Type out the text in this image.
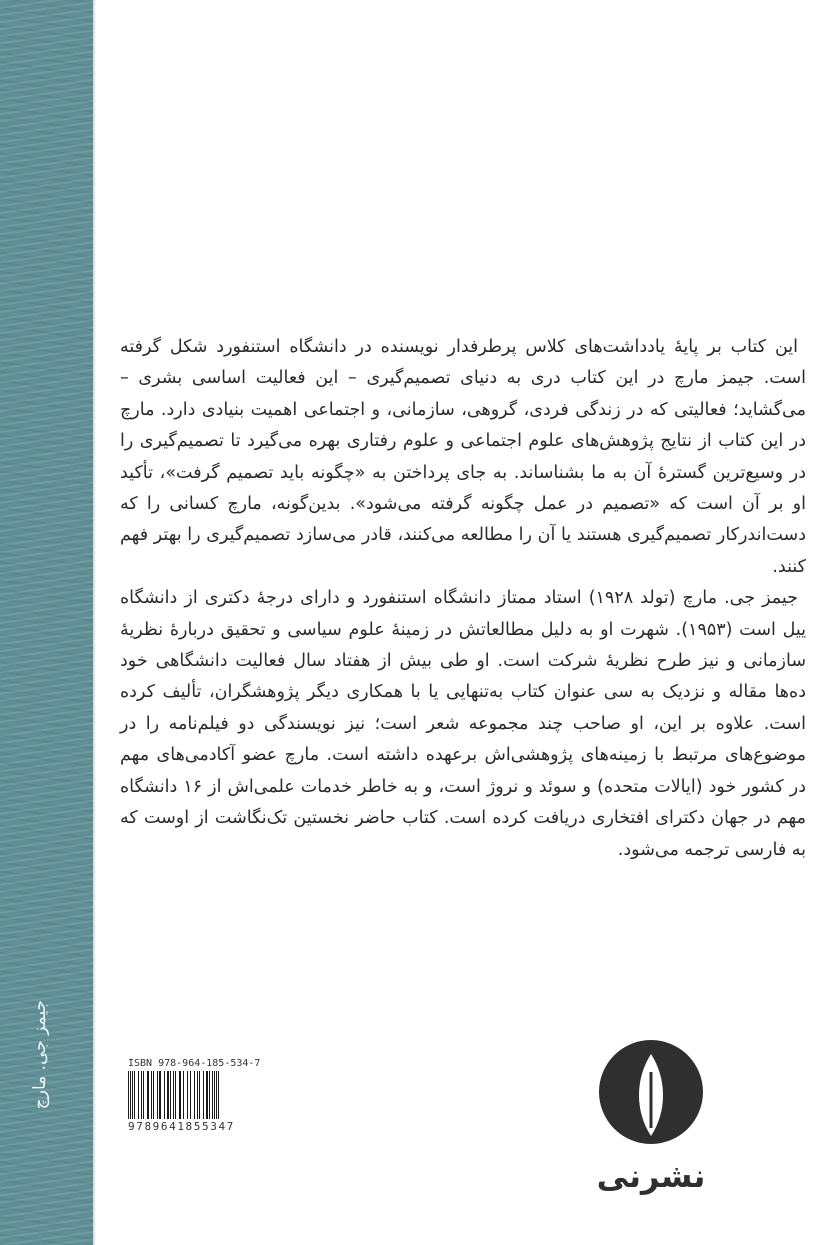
جیمز جی. مارچ

این کتاب بر پایهٔ یادداشت‌های کلاس پرطرفدار نویسنده در دانشگاه استنفورد شکل گرفته است. جیمز مارچ در این کتاب دری به دنیای تصمیم‌گیری – این فعالیت اساسی بشری – می‌گشاید؛ فعالیتی که در زندگی فردی، گروهی، سازمانی، و اجتماعی اهمیت بنیادی دارد. مارچ در این کتاب از نتایج پژوهش‌های علوم اجتماعی و علوم رفتاری بهره می‌گیرد تا تصمیم‌گیری را در وسیع‌ترین گسترهٔ آن به ما بشناساند. به جای پرداختن به «چگونه باید تصمیم گرفت»، تأکید او بر آن است که «تصمیم در عمل چگونه گرفته می‌شود». بدین‌گونه، مارچ کسانی را که دست‌اندرکار تصمیم‌گیری هستند یا آن را مطالعه می‌کنند، قادر می‌سازد تصمیم‌گیری را بهتر فهم کنند.

جیمز جی. مارچ (تولد ۱۹۲۸) استاد ممتاز دانشگاه استنفورد و دارای درجهٔ دکتری از دانشگاه ییل است (۱۹۵۳). شهرت او به دلیل مطالعاتش در زمینهٔ علوم سیاسی و تحقیق دربارهٔ نظریهٔ سازمانی و نیز طرح نظریهٔ شرکت است. او طی بیش از هفتاد سال فعالیت دانشگاهی خود ده‌ها مقاله و نزدیک به سی عنوان کتاب به‌تنهایی یا با همکاری دیگر پژوهشگران، تألیف کرده است. علاوه بر این، او صاحب چند مجموعه شعر است؛ نیز نویسندگی دو فیلم‌نامه را در موضوع‌های مرتبط با زمینه‌های پژوهشی‌اش برعهده داشته است. مارچ عضو آکادمی‌های مهم در کشور خود (ایالات متحده) و سوئد و نروژ است، و به خاطر خدمات علمی‌اش از ۱۶ دانشگاه مهم در جهان دکترای افتخاری دریافت کرده است. کتاب حاضر نخستین تک‌نگاشت از اوست که به فارسی ترجمه می‌شود.

ISBN 978-964-185-534-7
9789641855347
نشرنی
